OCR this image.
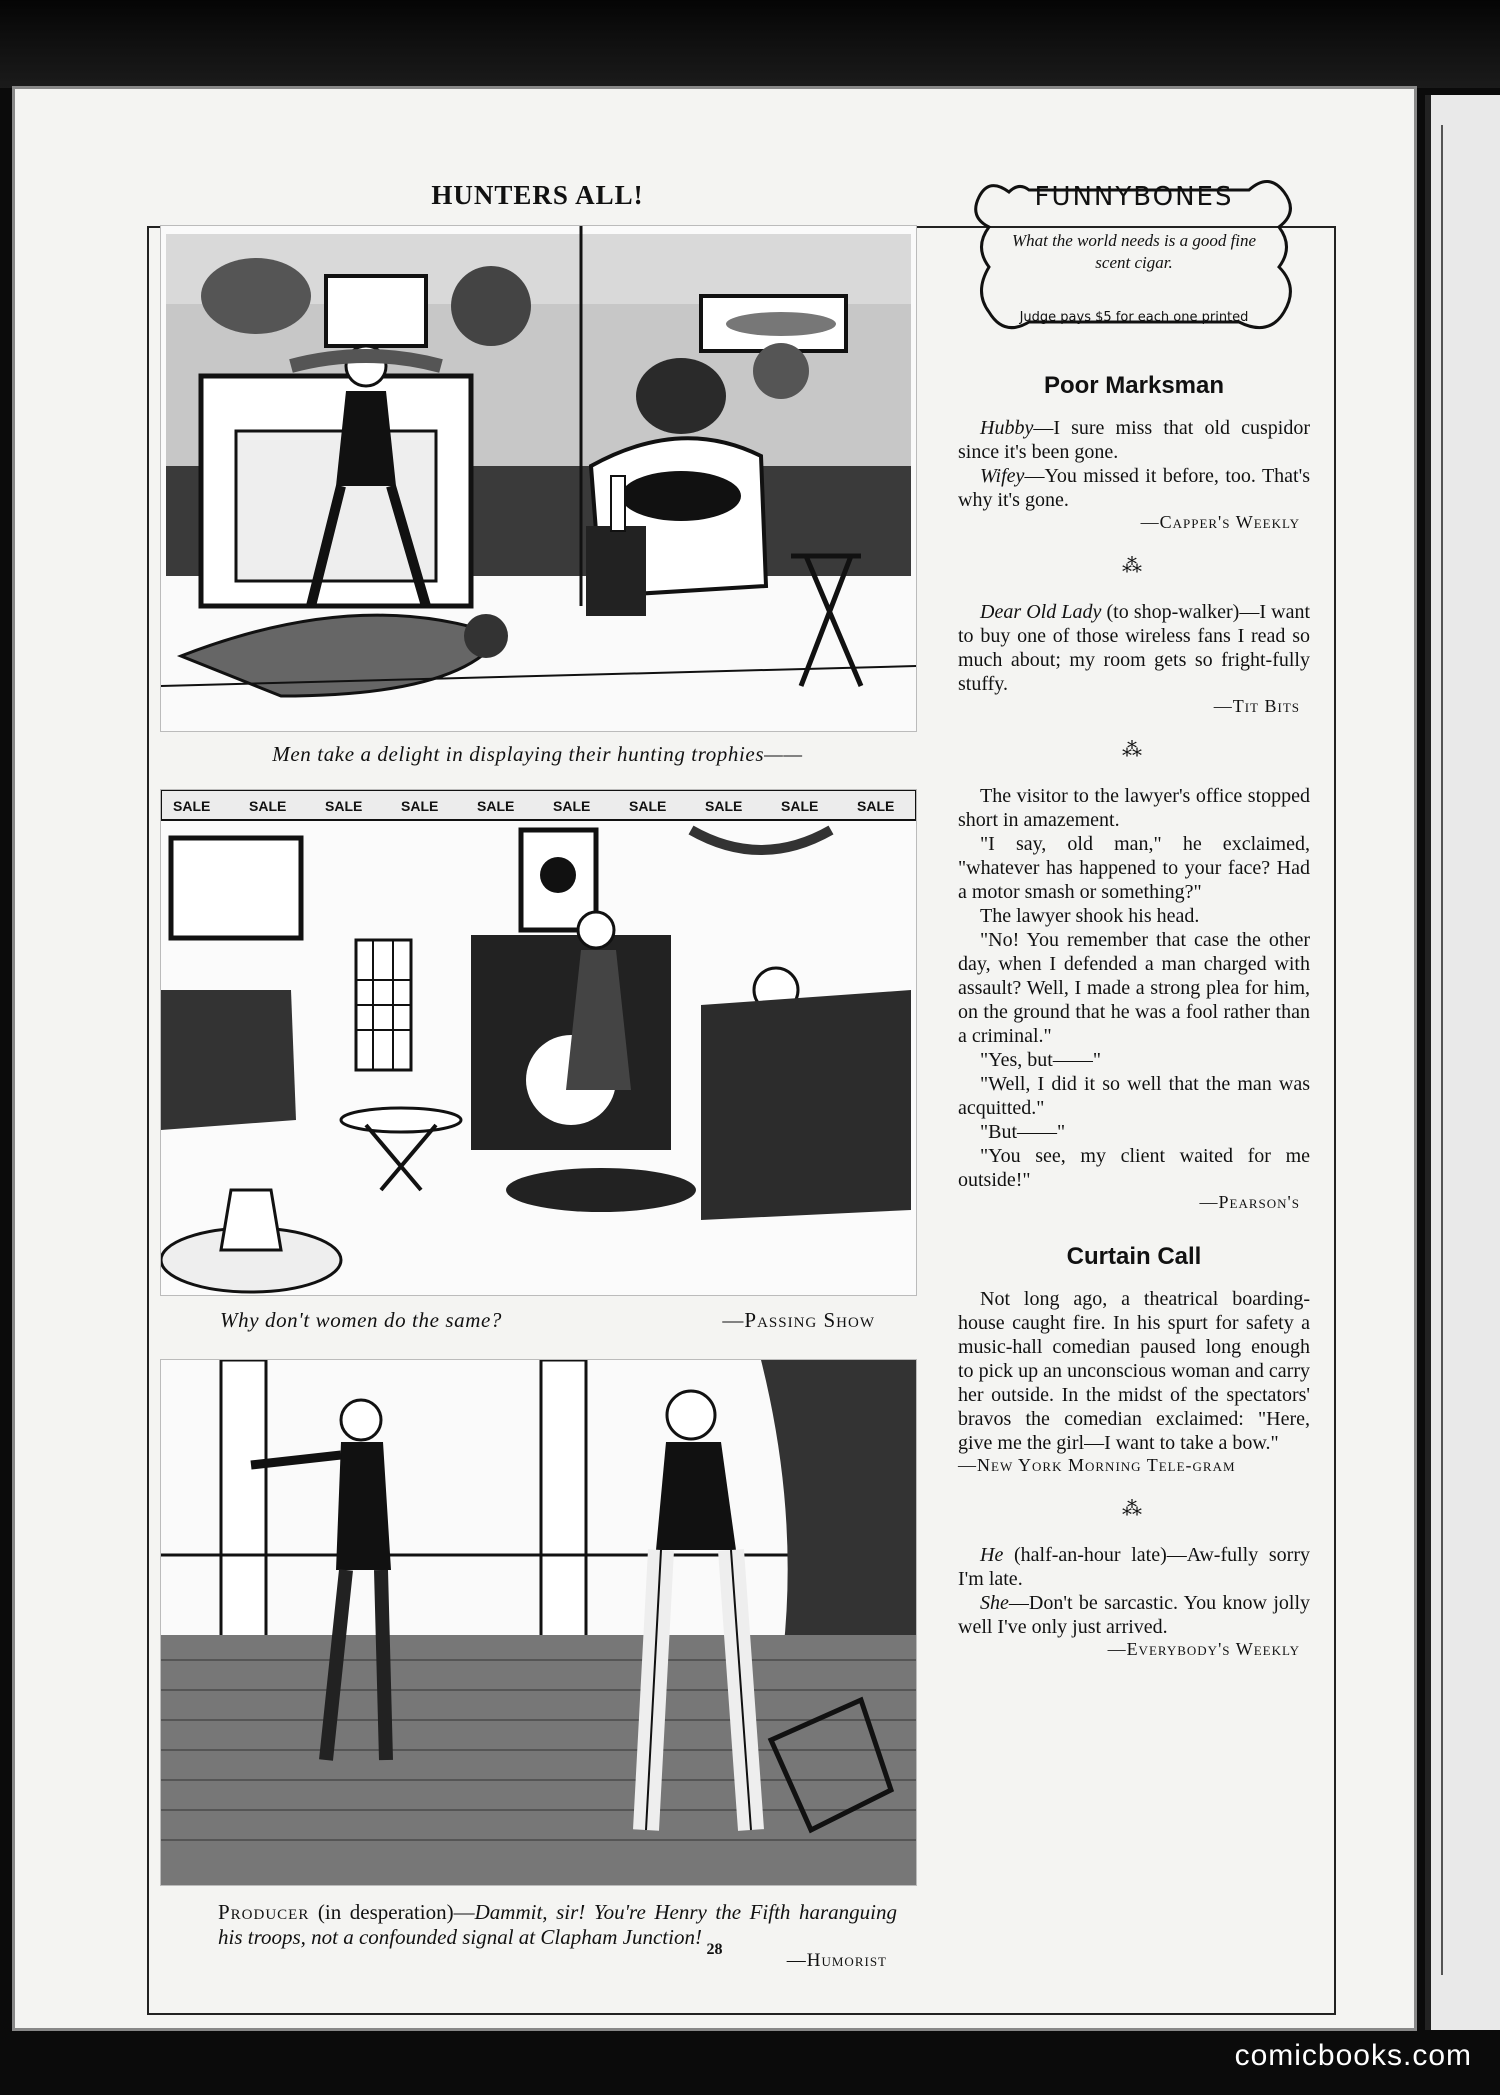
28
HUNTERS ALL!
Men take a delight in displaying their hunting trophies——
SALE	SALE	SALE	SALE	SALE	SALE	SALE	SALE	SALE	SALE
Why don't women do the same?	—Passing Show
Producer (in desperation)—Dammit, sir! You're Henry the Fifth haranguing his troops, not a confounded signal at Clapham Junction!
—Humorist
FUNNYBONES
What the world needs is a good fine scent cigar.
Judge pays $5 for each one printed
Poor Marksman

Hubby—I sure miss that old cuspidor since it's been gone.

Wifey—You missed it before, too. That's why it's gone.

—Capper's Weekly

⁂

Dear Old Lady (to shop-walker)—I want to buy one of those wireless fans I read so much about; my room gets so fright-fully stuffy.

—Tit Bits

⁂

The visitor to the lawyer's office stopped short in amazement.

"I say, old man," he exclaimed, "whatever has happened to your face? Had a motor smash or something?"

The lawyer shook his head.

"No! You remember that case the other day, when I defended a man charged with assault? Well, I made a strong plea for him, on the ground that he was a fool rather than a criminal."

"Yes, but——"

"Well, I did it so well that the man was acquitted."

"But——"

"You see, my client waited for me outside!"

—Pearson's

Curtain Call

Not long ago, a theatrical boarding-house caught fire. In his spurt for safety a music-hall comedian paused long enough to pick up an unconscious woman and carry her outside. In the midst of the spectators' bravos the comedian exclaimed: "Here, give me the girl—I want to take a bow."

—New York Morning Tele-gram

⁂

He (half-an-hour late)—Aw-fully sorry I'm late.

She—Don't be sarcastic. You know jolly well I've only just arrived.

—Everybody's Weekly

comicbooks.com
